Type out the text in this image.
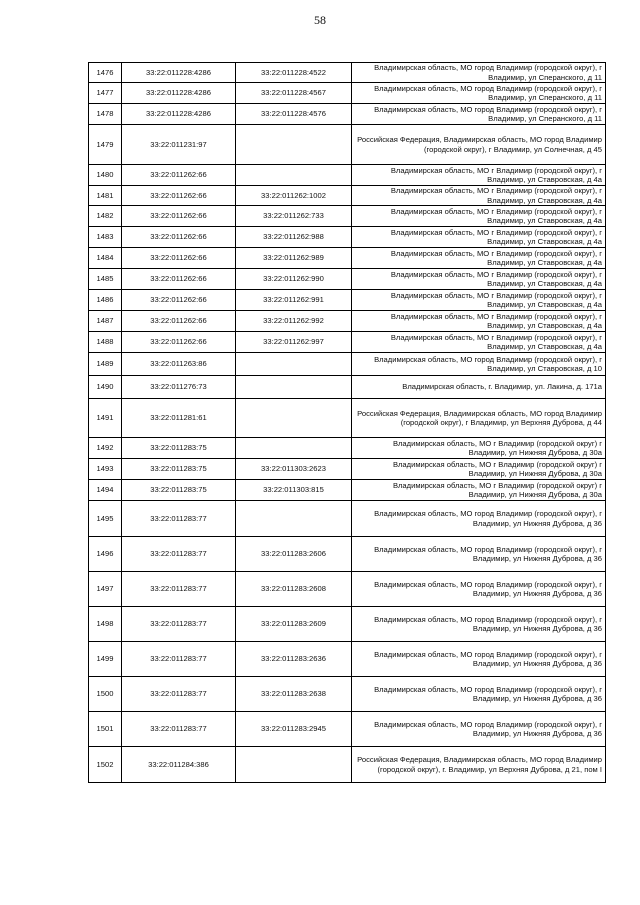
58
1476	33:22:011228:4286	33:22:011228:4522	Владимирская область, МО город Владимир (городской округ), г Владимир, ул Сперанского, д 11
1477	33:22:011228:4286	33:22:011228:4567	Владимирская область, МО город Владимир (городской округ), г Владимир, ул Сперанского, д 11
1478	33:22:011228:4286	33:22:011228:4576	Владимирская область, МО город Владимир (городской округ), г Владимир, ул Сперанского, д 11
1479	33:22:011231:97		Российская Федерация, Владимирская область, МО город Владимир (городской округ), г Владимир, ул Солнечная, д 45
1480	33:22:011262:66		Владимирская область, МО г Владимир (городской округ), г Владимир, ул Ставровская, д 4а
1481	33:22:011262:66	33:22:011262:1002	Владимирская область, МО г Владимир (городской округ), г Владимир, ул Ставровская, д 4а
1482	33:22:011262:66	33:22:011262:733	Владимирская область, МО г Владимир (городской округ), г Владимир, ул Ставровская, д 4а
1483	33:22:011262:66	33:22:011262:988	Владимирская область, МО г Владимир (городской округ), г Владимир, ул Ставровская, д 4а
1484	33:22:011262:66	33:22:011262:989	Владимирская область, МО г Владимир (городской округ), г Владимир, ул Ставровская, д 4а
1485	33:22:011262:66	33:22:011262:990	Владимирская область, МО г Владимир (городской округ), г Владимир, ул Ставровская, д 4а
1486	33:22:011262:66	33:22:011262:991	Владимирская область, МО г Владимир (городской округ), г Владимир, ул Ставровская, д 4а
1487	33:22:011262:66	33:22:011262:992	Владимирская область, МО г Владимир (городской округ), г Владимир, ул Ставровская, д 4а
1488	33:22:011262:66	33:22:011262:997	Владимирская область, МО г Владимир (городской округ), г Владимир, ул Ставровская, д 4а
1489	33:22:011263:86		Владимирская область, МО город Владимир (городской округ), г Владимир, ул Ставровская, д 10
1490	33:22:011276:73		Владимирская область, г. Владимир, ул. Лакина, д. 171а
1491	33:22:011281:61		Российская Федерация, Владимирская область, МО город Владимир (городской округ), г Владимир, ул Верхняя Дуброва, д 44
1492	33:22:011283:75		Владимирская область, МО г Владимир (городской округ) г Владимир, ул Нижняя Дуброва, д 30а
1493	33:22:011283:75	33:22:011303:2623	Владимирская область, МО г Владимир (городской округ) г Владимир, ул Нижняя Дуброва, д 30а
1494	33:22:011283:75	33:22:011303:815	Владимирская область, МО г Владимир (городской округ) г Владимир, ул Нижняя Дуброва, д 30а
1495	33:22:011283:77		Владимирская область, МО город Владимир (городской округ), г Владимир, ул Нижняя Дуброва, д 36
1496	33:22:011283:77	33:22:011283:2606	Владимирская область, МО город Владимир (городской округ), г Владимир, ул Нижняя Дуброва, д 36
1497	33:22:011283:77	33:22:011283:2608	Владимирская область, МО город Владимир (городской округ), г Владимир, ул Нижняя Дуброва, д 36
1498	33:22:011283:77	33:22:011283:2609	Владимирская область, МО город Владимир (городской округ), г Владимир, ул Нижняя Дуброва, д 36
1499	33:22:011283:77	33:22:011283:2636	Владимирская область, МО город Владимир (городской округ), г Владимир, ул Нижняя Дуброва, д 36
1500	33:22:011283:77	33:22:011283:2638	Владимирская область, МО город Владимир (городской округ), г Владимир, ул Нижняя Дуброва, д 36
1501	33:22:011283:77	33:22:011283:2945	Владимирская область, МО город Владимир (городской округ), г Владимир, ул Нижняя Дуброва, д 36
1502	33:22:011284:386		Российская Федерация, Владимирская область, МО город Владимир (городской округ), г. Владимир, ул Верхняя Дуброва, д 21, пом I
